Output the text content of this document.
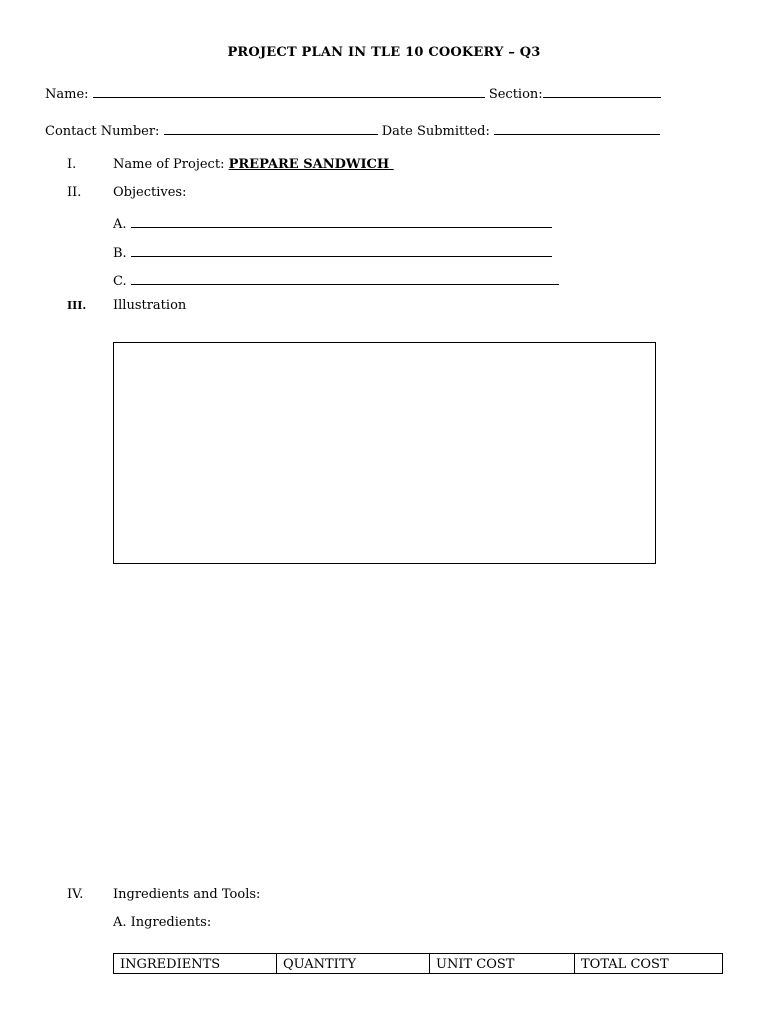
PROJECT PLAN IN TLE 10 COOKERY – Q3
Name:	Section:
Contact Number:	Date Submitted:
I.	Name of Project: PREPARE SANDWICH
II. Objectives:
A.
B.
C.
III. Illustration
IV. Ingredients and Tools:
A. Ingredients:
INGREDIENTS	QUANTITY	UNIT COST	TOTAL COST
